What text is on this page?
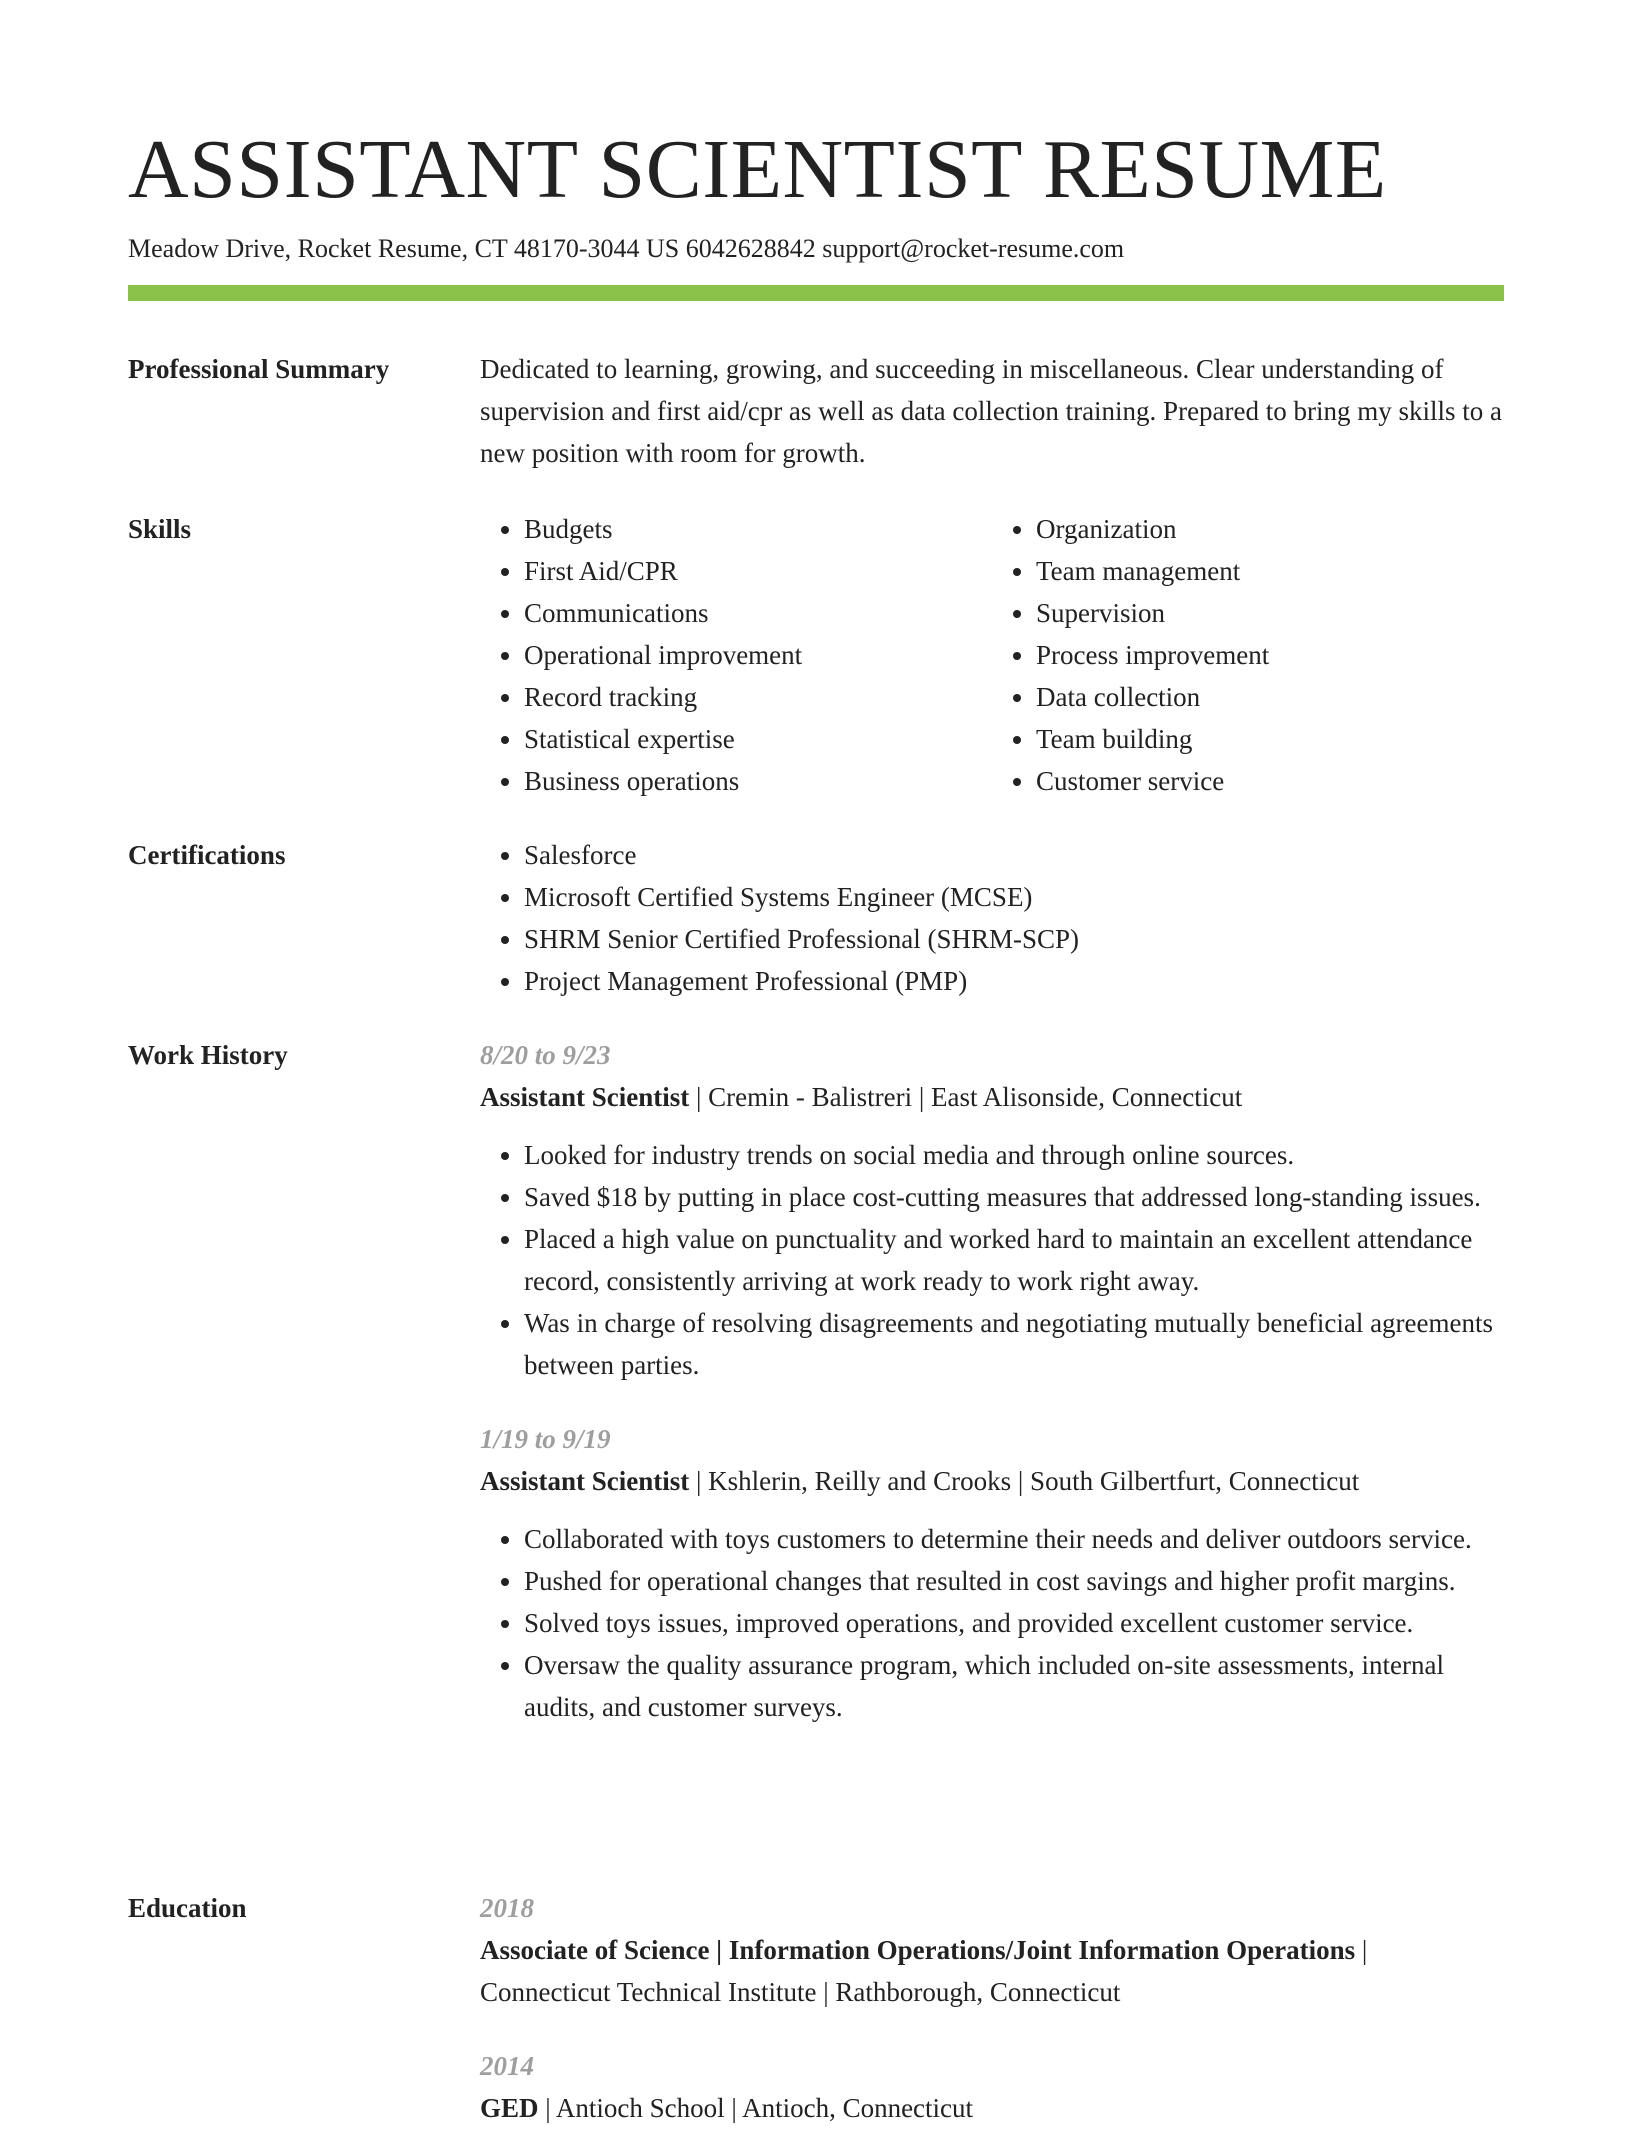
ASSISTANT SCIENTIST RESUME
Meadow Drive, Rocket Resume, CT 48170-3044 US 6042628842 support@rocket-resume.com
Professional Summary	Dedicated to learning, growing, and succeeding in miscellaneous. Clear understanding of supervision and first aid/cpr as well as data collection training. Prepared to bring my skills to a new position with room for growth.
Skills	• Budgets
• First Aid/CPR
• Communications
• Operational improvement
• Record tracking
• Statistical expertise
• Business operations
• Organization
• Team management
• Supervision
• Process improvement
• Data collection
• Team building
• Customer service
Certifications	• Salesforce
• Microsoft Certified Systems Engineer (MCSE)
• SHRM Senior Certified Professional (SHRM-SCP)
• Project Management Professional (PMP)
Work History	8/20 to 9/23
Assistant Scientist | Cremin - Balistreri | East Alisonside, Connecticut
• Looked for industry trends on social media and through online sources.
• Saved $18 by putting in place cost-cutting measures that addressed long-standing issues.
• Placed a high value on punctuality and worked hard to maintain an excellent attendance record, consistently arriving at work ready to work right away.
• Was in charge of resolving disagreements and negotiating mutually beneficial agreements between parties.
1/19 to 9/19
Assistant Scientist | Kshlerin, Reilly and Crooks | South Gilbertfurt, Connecticut
• Collaborated with toys customers to determine their needs and deliver outdoors service.
• Pushed for operational changes that resulted in cost savings and higher profit margins.
• Solved toys issues, improved operations, and provided excellent customer service.
• Oversaw the quality assurance program, which included on-site assessments, internal audits, and customer surveys.
Education	2018
Associate of Science | Information Operations/Joint Information Operations | Connecticut Technical Institute | Rathborough, Connecticut
2014
GED | Antioch School | Antioch, Connecticut
